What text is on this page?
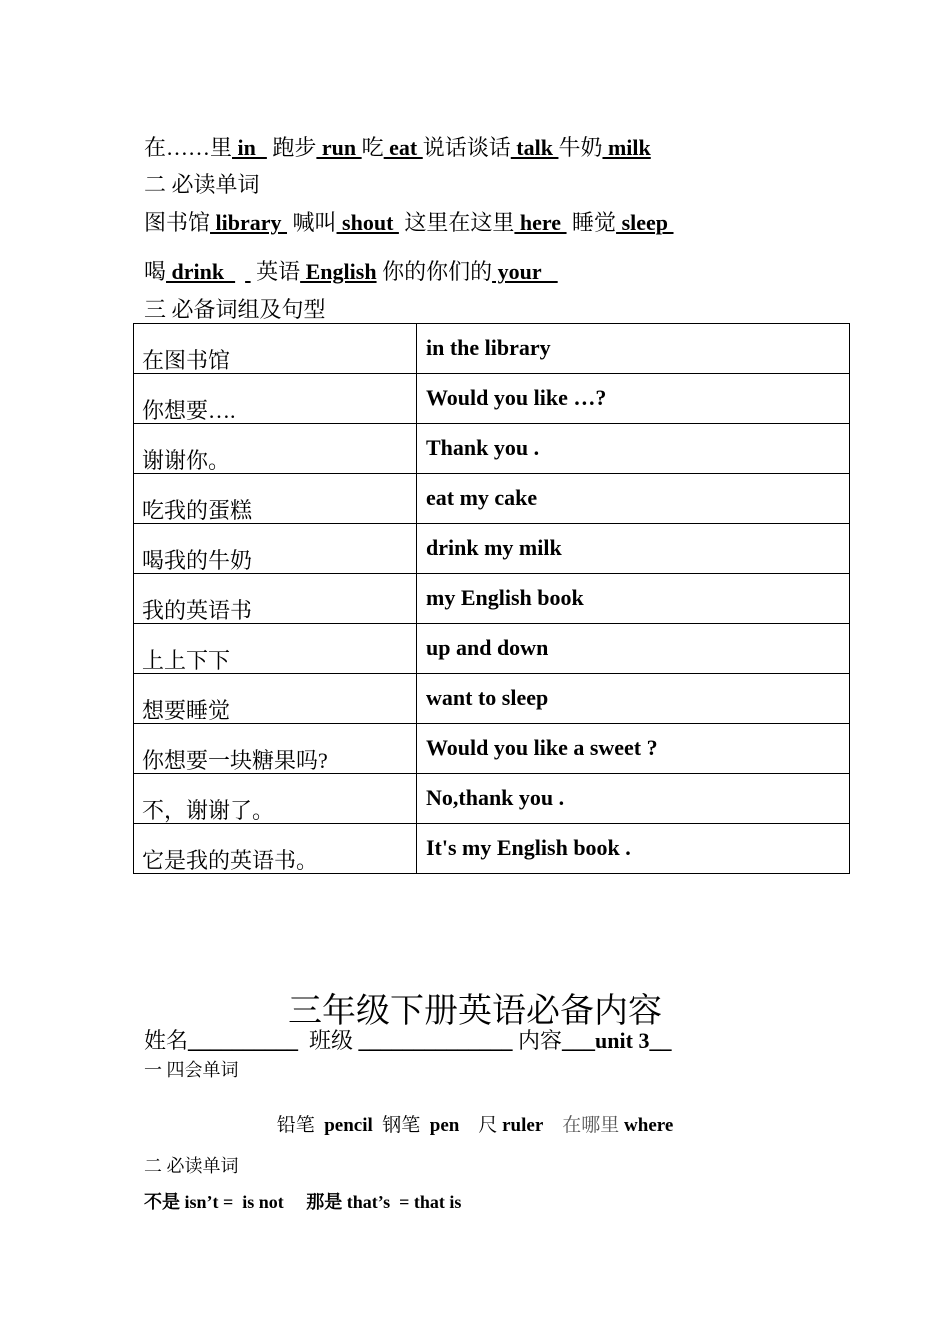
在……里 in   跑步 run 吃 eat 说话谈话 talk 牛奶 milk
二 必读单词
图书馆 library  喊叫 shout  这里在这里 here  睡觉 sleep
喝 drink    英语 English 你的你们的 your
三 必备词组及句型
在图书馆	in the library
你想要….	Would you like …?
谢谢你。	Thank you .
吃我的蛋糕	eat my cake
喝我的牛奶	drink my milk
我的英语书	my English book
上上下下	up and down
想要睡觉	want to sleep
你想要一块糖果吗?	Would you like a sweet ?
不，谢谢了。	No,thank you .
它是我的英语书。	It's my English book .
三年级下册英语必备内容
姓名__________  班级 ______________ 内容___unit 3__
一 四会单词
铅笔 pencil 钢笔 pen 尺 ruler 在哪里 where
二 必读单词
不是 isn’t =  is not     那是 that’s  = that is
